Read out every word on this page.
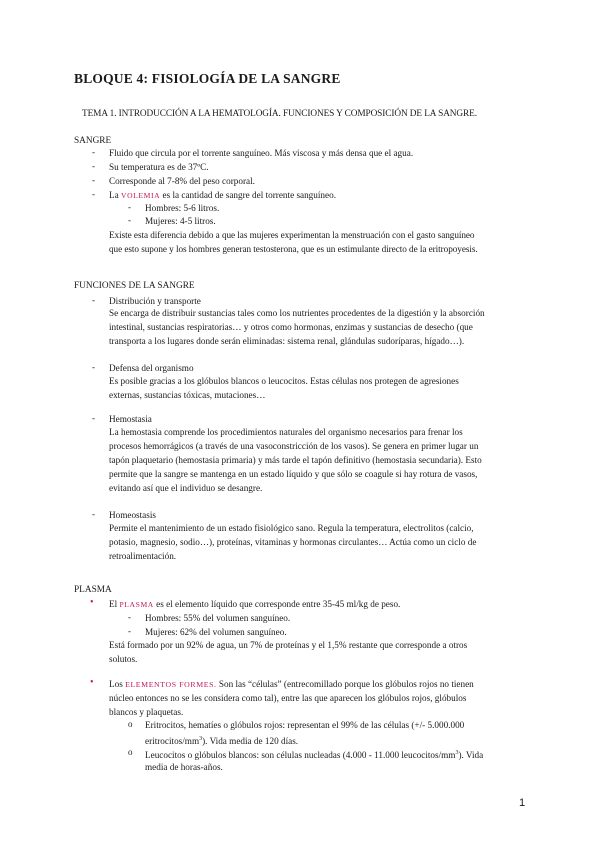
BLOQUE 4: FISIOLOGÍA DE LA SANGRE
TEMA 1. INTRODUCCIÓN A LA HEMATOLOGÍA. FUNCIONES Y COMPOSICIÓN DE LA SANGRE.
SANGRE
- Fluido que circula por el torrente sanguíneo. Más viscosa y más densa que el agua.
- Su temperatura es de 37ºC.
- Corresponde al 7-8% del peso corporal.
- La VOLEMIA es la cantidad de sangre del torrente sanguíneo.
- Hombres: 5-6 litros.
- Mujeres: 4-5 litros.
Existe esta diferencia debido a que las mujeres experimentan la menstruación con el gasto sanguíneo
que esto supone y los hombres generan testosterona, que es un estimulante directo de la eritropoyesis.
FUNCIONES DE LA SANGRE
- Distribución y transporte
Se encarga de distribuir sustancias tales como los nutrientes procedentes de la digestión y la absorción
intestinal, sustancias respiratorias… y otros como hormonas, enzimas y sustancias de desecho (que
transporta a los lugares donde serán eliminadas: sistema renal, glándulas sudoríparas, hígado…).
- Defensa del organismo
Es posible gracias a los glóbulos blancos o leucocitos. Estas células nos protegen de agresiones
externas, sustancias tóxicas, mutaciones…
- Hemostasia
La hemostasia comprende los procedimientos naturales del organismo necesarios para frenar los
procesos hemorrágicos (a través de una vasoconstricción de los vasos). Se genera en primer lugar un
tapón plaquetario (hemostasia primaria) y más tarde el tapón definitivo (hemostasia secundaria). Esto
permite que la sangre se mantenga en un estado líquido y que sólo se coagule si hay rotura de vasos,
evitando así que el individuo se desangre.
- Homeostasis
Permite el mantenimiento de un estado fisiológico sano. Regula la temperatura, electrolitos (calcio,
potasio, magnesio, sodio…), proteínas, vitaminas y hormonas circulantes… Actúa como un ciclo de
retroalimentación.
PLASMA
• El PLASMA es el elemento líquido que corresponde entre 35-45 ml/kg de peso.
- Hombres: 55% del volumen sanguíneo.
- Mujeres: 62% del volumen sanguíneo.
Está formado por un 92% de agua, un 7% de proteínas y el 1,5% restante que corresponde a otros
solutos.
• Los ELEMENTOS FORMES. Son las “células” (entrecomillado porque los glóbulos rojos no tienen
núcleo entonces no se les considera como tal), entre las que aparecen los glóbulos rojos, glóbulos
blancos y plaquetas.
o Eritrocitos, hematíes o glóbulos rojos: representan el 99% de las células (+/- 5.000.000
eritrocitos/$mm^3$). Vida media de 120 días.
o Leucocitos o glóbulos blancos: son células nucleadas (4.000 - 11.000 leucocitos/$mm^3$). Vida
media de horas-años.
1
